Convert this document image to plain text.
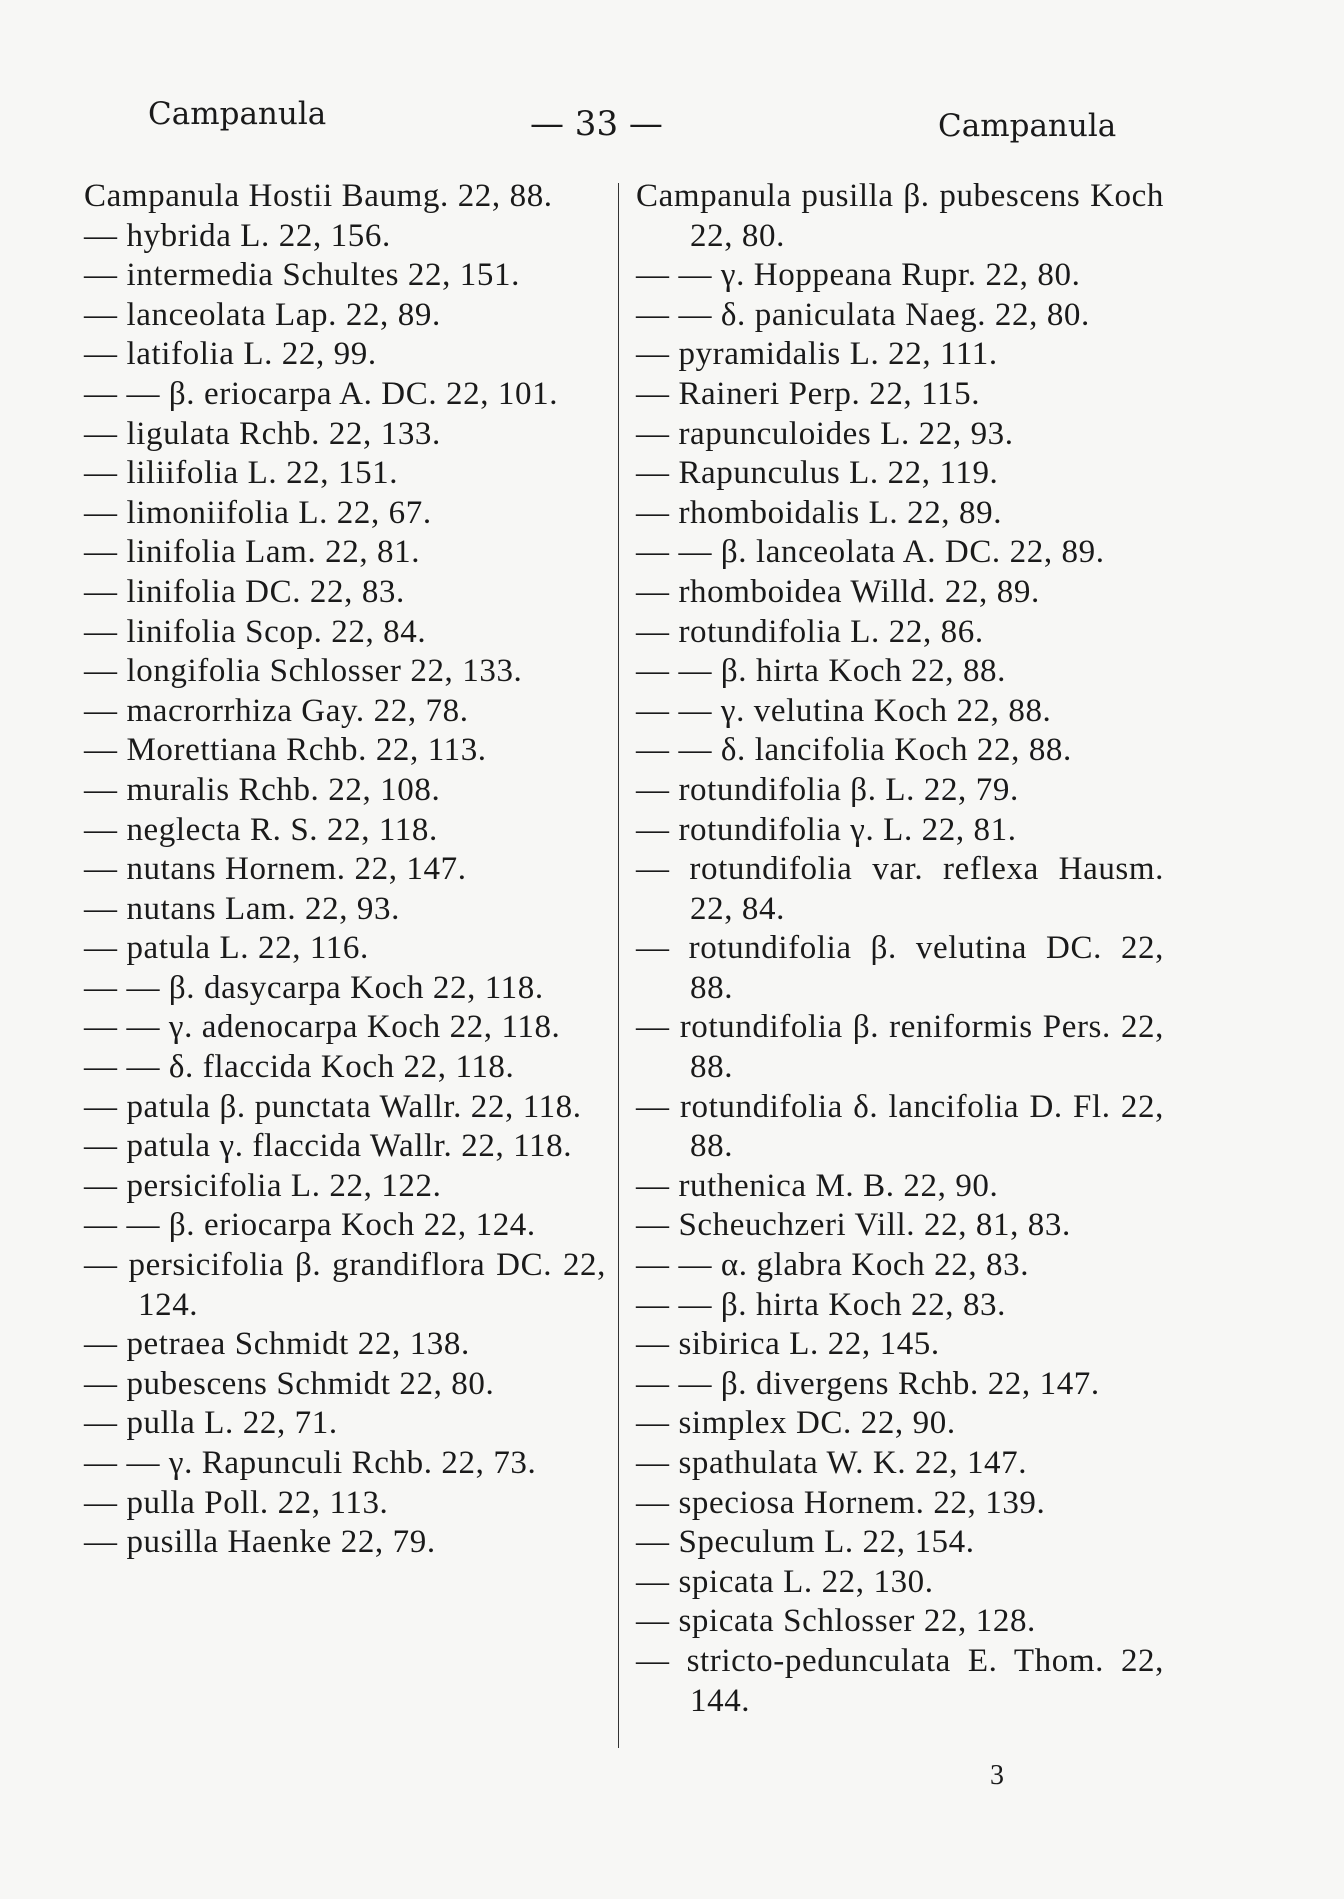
Campanula	— 33 —	Campanula

Campanula Hostii Baumg. 22, 88.

— hybrida L. 22, 156.

— intermedia Schultes 22, 151.

— lanceolata Lap. 22, 89.

— latifolia L. 22, 99.

— — β. eriocarpa A. DC. 22, 101.

— ligulata Rchb. 22, 133.

— liliifolia L. 22, 151.

— limoniifolia L. 22, 67.

— linifolia Lam. 22, 81.

— linifolia DC. 22, 83.

— linifolia Scop. 22, 84.

— longifolia Schlosser 22, 133.

— macrorrhiza Gay. 22, 78.

— Morettiana Rchb. 22, 113.

— muralis Rchb. 22, 108.

— neglecta R. S. 22, 118.

— nutans Hornem. 22, 147.

— nutans Lam. 22, 93.

— patula L. 22, 116.

— — β. dasycarpa Koch 22, 118.

— — γ. adenocarpa Koch 22, 118.

— — δ. flaccida Koch 22, 118.

— patula β. punctata Wallr. 22, 118.

— patula γ. flaccida Wallr. 22, 118.

— persicifolia L. 22, 122.

— — β. eriocarpa Koch 22, 124.

— persicifolia β. grandiflora DC. 22, 124.

— petraea Schmidt 22, 138.

— pubescens Schmidt 22, 80.

— pulla L. 22, 71.

— — γ. Rapunculi Rchb. 22, 73.

— pulla Poll. 22, 113.

— pusilla Haenke 22, 79.

Campanula pusilla β. pubescens Koch 22, 80.

— — γ. Hoppeana Rupr. 22, 80.

— — δ. paniculata Naeg. 22, 80.

— pyramidalis L. 22, 111.

— Raineri Perp. 22, 115.

— rapunculoides L. 22, 93.

— Rapunculus L. 22, 119.

— rhomboidalis L. 22, 89.

— — β. lanceolata A. DC. 22, 89.

— rhomboidea Willd. 22, 89.

— rotundifolia L. 22, 86.

— — β. hirta Koch 22, 88.

— — γ. velutina Koch 22, 88.

— — δ. lancifolia Koch 22, 88.

— rotundifolia β. L. 22, 79.

— rotundifolia γ. L. 22, 81.

— rotundifolia var. reflexa Hausm. 22, 84.

— rotundifolia β. velutina DC. 22, 88.

— rotundifolia β. reniformis Pers. 22, 88.

— rotundifolia δ. lancifolia D. Fl. 22, 88.

— ruthenica M. B. 22, 90.

— Scheuchzeri Vill. 22, 81, 83.

— — α. glabra Koch 22, 83.

— — β. hirta Koch 22, 83.

— sibirica L. 22, 145.

— — β. divergens Rchb. 22, 147.

— simplex DC. 22, 90.

— spathulata W. K. 22, 147.

— speciosa Hornem. 22, 139.

— Speculum L. 22, 154.

— spicata L. 22, 130.

— spicata Schlosser 22, 128.

— stricto-pedunculata E. Thom. 22, 144.

3
